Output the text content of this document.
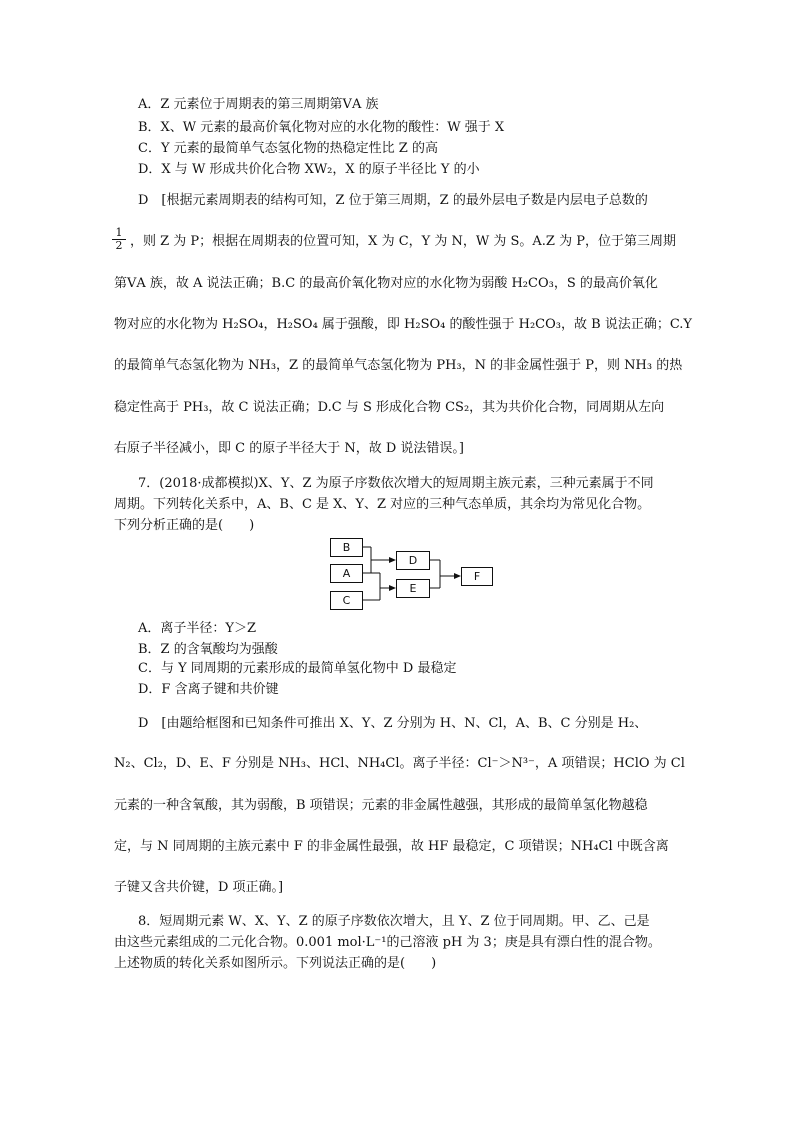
A．Z 元素位于周期表的第三周期第ⅤA 族
B．X、W 元素的最高价氧化物对应的水化物的酸性：W 强于 X
C．Y 元素的最简单气态氢化物的热稳定性比 Z 的高
D．X 与 W 形成共价化合物 XW₂，X 的原子半径比 Y 的小
D　[根据元素周期表的结构可知，Z 位于第三周期，Z 的最外层电子数是内层电子总数的
$\frac{1}{2}$ ，则 Z 为 P；根据在周期表的位置可知，X 为 C，Y 为 N，W 为 S。A.Z 为 P，位于第三周期
第ⅤA 族，故 A 说法正确；B.C 的最高价氧化物对应的水化物为弱酸 H₂CO₃，S 的最高价氧化
物对应的水化物为 H₂SO₄，H₂SO₄ 属于强酸，即 H₂SO₄ 的酸性强于 H₂CO₃，故 B 说法正确；C.Y
的最简单气态氢化物为 NH₃，Z 的最简单气态氢化物为 PH₃，N 的非金属性强于 P，则 NH₃ 的热
稳定性高于 PH₃，故 C 说法正确；D.C 与 S 形成化合物 CS₂，其为共价化合物，同周期从左向
右原子半径减小，即 C 的原子半径大于 N，故 D 说法错误。]
7．(2018·成都模拟)X、Y、Z 为原子序数依次增大的短周期主族元素，三种元素属于不同
周期。下列转化关系中，A、B、C 是 X、Y、Z 对应的三种气态单质，其余均为常见化合物。
下列分析正确的是(　　)
B
A
C
D
E
F
A．离子半径：Y＞Z
B．Z 的含氧酸均为强酸
C．与 Y 同周期的元素形成的最简单氢化物中 D 最稳定
D．F 含离子键和共价键
D　[由题给框图和已知条件可推出 X、Y、Z 分别为 H、N、Cl，A、B、C 分别是 H₂、
N₂、Cl₂，D、E、F 分别是 NH₃、HCl、NH₄Cl。离子半径：Cl⁻＞N³⁻，A 项错误；HClO 为 Cl
元素的一种含氧酸，其为弱酸，B 项错误；元素的非金属性越强，其形成的最简单氢化物越稳
定，与 N 同周期的主族元素中 F 的非金属性最强，故 HF 最稳定，C 项错误；NH₄Cl 中既含离
子键又含共价键，D 项正确。]
8．短周期元素 W、X、Y、Z 的原子序数依次增大，且 Y、Z 位于同周期。甲、乙、己是
由这些元素组成的二元化合物。0.001 mol·L⁻¹的己溶液 pH 为 3；庚是具有漂白性的混合物。
上述物质的转化关系如图所示。下列说法正确的是(　　)
